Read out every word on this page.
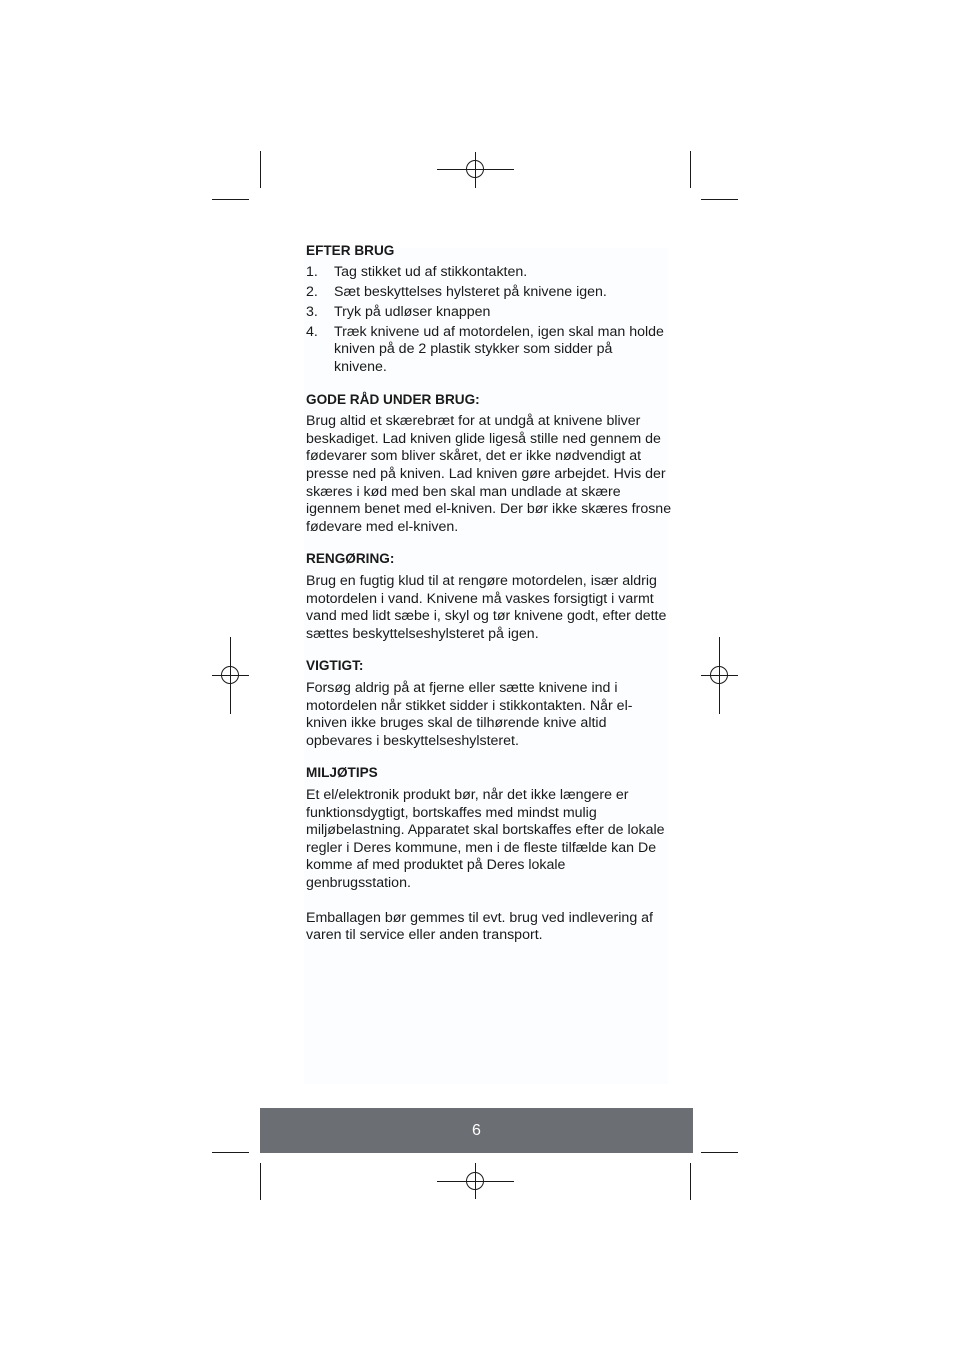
EFTER BRUG
1.	Tag stikket ud af stikkontakten.
2.	Sæt beskyttelses hylsteret på knivene igen.
3.	Tryk på udløser knappen
4.	Træk knivene ud af motordelen, igen skal man holde kniven på de 2 plastik stykker som sidder på knivene.
GODE RÅD UNDER BRUG:

Brug altid et skærebræt for at undgå at knivene bliver beskadiget. Lad kniven glide ligeså stille ned gennem de fødevarer som bliver skåret, det er ikke nødvendigt at presse ned på kniven. Lad kniven gøre arbejdet. Hvis der skæres i kød med ben skal man undlade at skære igennem benet med el-kniven. Der bør ikke skæres frosne fødevare med el-kniven.

RENGØRING:

Brug en fugtig klud til at rengøre motordelen, især aldrig motordelen i vand. Knivene må vaskes forsigtigt i varmt vand med lidt sæbe i, skyl og tør knivene godt, efter dette sættes beskyttelseshylsteret på igen.

VIGTIGT:

Forsøg aldrig på at fjerne eller sætte knivene ind i motordelen når stikket sidder i stikkontakten. Når el-kniven ikke bruges skal de tilhørende knive altid opbevares i beskyttelseshylsteret.

MILJØTIPS

Et el/elektronik produkt bør, når det ikke længere er funktionsdygtigt, bortskaffes med mindst mulig miljøbelastning. Apparatet skal bortskaffes efter de lokale regler i Deres kommune, men i de fleste tilfælde kan De komme af med produktet på Deres lokale genbrugsstation.

Emballagen bør gemmes til evt. brug ved indlevering af varen til service eller anden transport.

6
